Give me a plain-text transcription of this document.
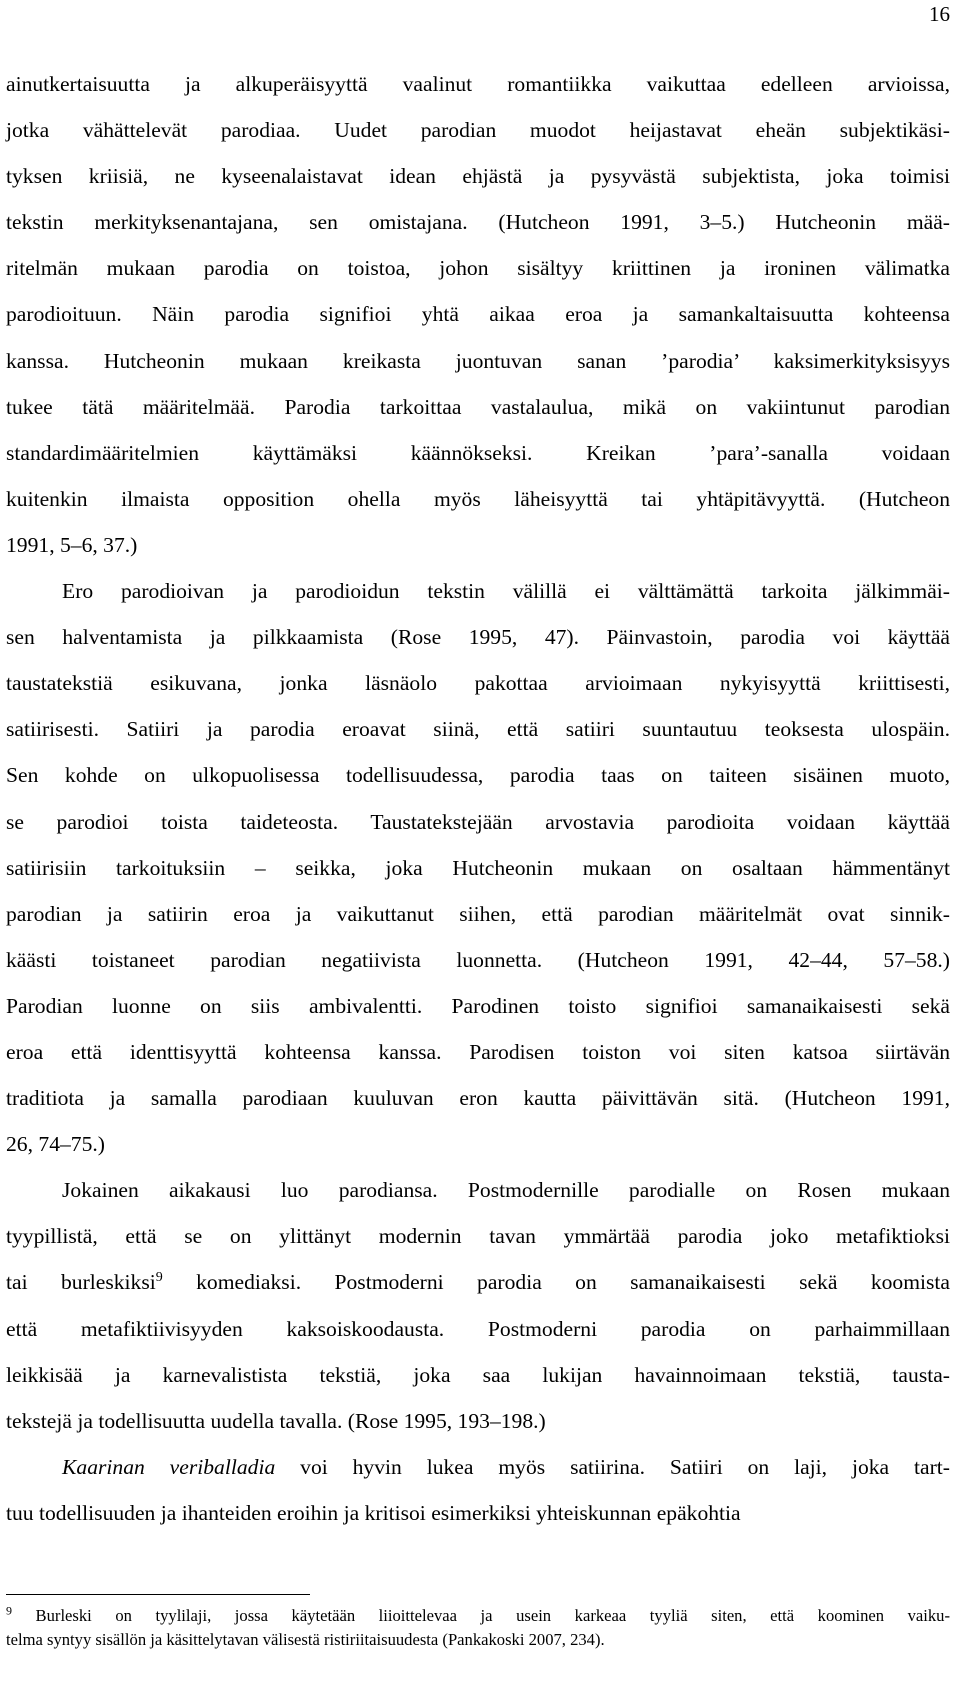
16
ainutkertaisuutta ja alkuperäisyyttä vaalinut romantiikka vaikuttaa edelleen arvioissa,
jotka vähättelevät parodiaa. Uudet parodian muodot heijastavat eheän subjektikäsi-
tyksen kriisiä, ne kyseenalaistavat idean ehjästä ja pysyvästä subjektista, joka toimisi
tekstin merkityksenantajana, sen omistajana. (Hutcheon 1991, 3–5.) Hutcheonin mää-
ritelmän mukaan parodia on toistoa, johon sisältyy kriittinen ja ironinen välimatka
parodioituun. Näin parodia signifioi yhtä aikaa eroa ja samankaltaisuutta kohteensa
kanssa. Hutcheonin mukaan kreikasta juontuvan sanan ’parodia’ kaksimerkityksisyys
tukee tätä määritelmää. Parodia tarkoittaa vastalaulua, mikä on vakiintunut parodian
standardimääritelmien käyttämäksi käännökseksi. Kreikan ’para’-sanalla voidaan
kuitenkin ilmaista opposition ohella myös läheisyyttä tai yhtäpitävyyttä. (Hutcheon
1991, 5–6, 37.)
Ero parodioivan ja parodioidun tekstin välillä ei välttämättä tarkoita jälkimmäi-
sen halventamista ja pilkkaamista (Rose 1995, 47). Päinvastoin, parodia voi käyttää
taustatekstiä esikuvana, jonka läsnäolo pakottaa arvioimaan nykyisyyttä kriittisesti,
satiirisesti. Satiiri ja parodia eroavat siinä, että satiiri suuntautuu teoksesta ulospäin.
Sen kohde on ulkopuolisessa todellisuudessa, parodia taas on taiteen sisäinen muoto,
se parodioi toista taideteosta. Taustatekstejään arvostavia parodioita voidaan käyttää
satiirisiin tarkoituksiin – seikka, joka Hutcheonin mukaan on osaltaan hämmentänyt
parodian ja satiirin eroa ja vaikuttanut siihen, että parodian määritelmät ovat sinnik-
käästi toistaneet parodian negatiivista luonnetta. (Hutcheon 1991, 42–44, 57–58.)
Parodian luonne on siis ambivalentti. Parodinen toisto signifioi samanaikaisesti sekä
eroa että identtisyyttä kohteensa kanssa. Parodisen toiston voi siten katsoa siirtävän
traditiota ja samalla parodiaan kuuluvan eron kautta päivittävän sitä. (Hutcheon 1991,
26, 74–75.)
Jokainen aikakausi luo parodiansa. Postmodernille parodialle on Rosen mukaan
tyypillistä, että se on ylittänyt modernin tavan ymmärtää parodia joko metafiktioksi
tai burleskiksi$^9$ komediaksi. Postmoderni parodia on samanaikaisesti sekä koomista
että metafiktiivisyyden kaksoiskoodausta. Postmoderni parodia on parhaimmillaan
leikkisää ja karnevalistista tekstiä, joka saa lukijan havainnoimaan tekstiä, tausta-
tekstejä ja todellisuutta uudella tavalla. (Rose 1995, 193–198.)
Kaarinan veriballadia voi hyvin lukea myös satiirina. Satiiri on laji, joka tart-
tuu todellisuuden ja ihanteiden eroihin ja kritisoi esimerkiksi yhteiskunnan epäkohtia
$^9$ Burleski on tyylilaji, jossa käytetään liioittelevaa ja usein karkeaa tyyliä siten, että koominen vaiku-
telma syntyy sisällön ja käsittelytavan välisestä ristiriitaisuudesta (Pankakoski 2007, 234).
